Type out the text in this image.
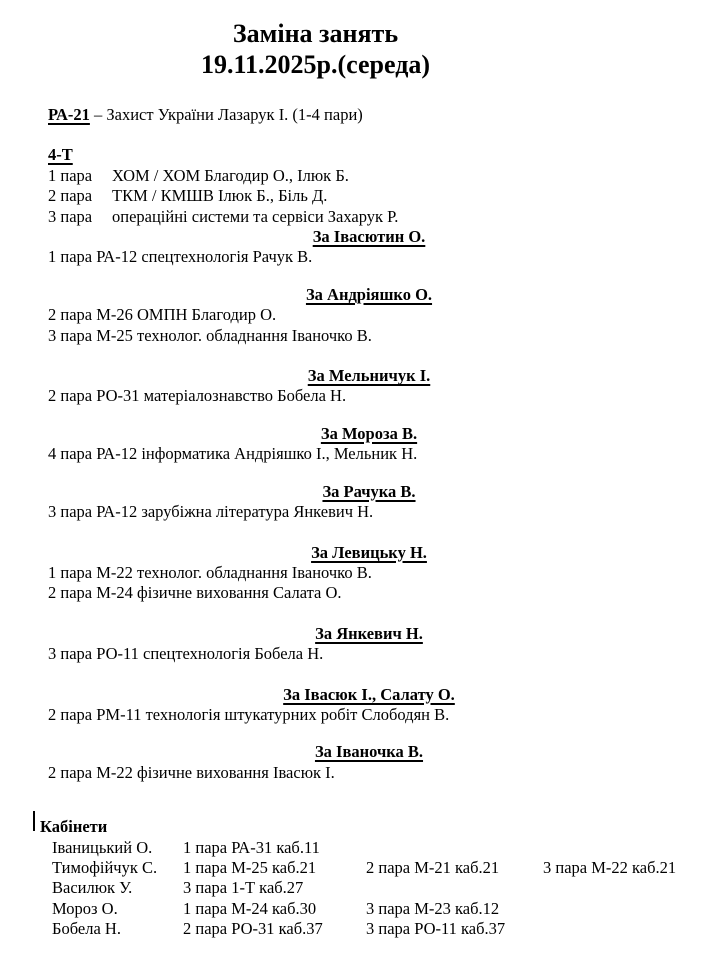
Заміна занять
19.11.2025р.(середа)
РА-21 – Захист України Лазарук І. (1-4 пари)
4-Т
1 пара ХОМ / ХОМ Благодир О., Ілюк Б.
2 пара ТКМ / КМШВ Ілюк Б., Біль Д.
3 пара операційні системи та сервіси Захарук Р.
За Івасютин О.
1 пара РА-12 спецтехнологія Рачук В.
За Андріяшко О.
2 пара М-26 ОМПН Благодир О.
3 пара М-25 технолог. обладнання Іваночко В.
За Мельничук І.
2 пара РО-31 матеріалознавство Бобела Н.
За Мороза В.
4 пара РА-12 інформатика Андріяшко І., Мельник Н.
За Рачука В.
3 пара РА-12 зарубіжна література Янкевич Н.
За Левицьку Н.
1 пара М-22 технолог. обладнання Іваночко В.
2 пара М-24 фізичне виховання Салата О.
За Янкевич Н.
3 пара РО-11 спецтехнологія Бобела Н.
За Івасюк І., Салату О.
2 пара РМ-11 технологія штукатурних робіт Слободян В.
За Іваночка В.
2 пара М-22 фізичне виховання Івасюк І.
Кабінети
Іваницький О.	1 пара РА-31 каб.11
Тимофійчук С.	1 пара М-25 каб.21	2 пара М-21 каб.21	3 пара М-22 каб.21
Василюк У.	3 пара 1-Т каб.27
Мороз О.	1 пара М-24 каб.30	3 пара М-23 каб.12
Бобела Н.	2 пара РО-31 каб.37	3 пара РО-11 каб.37
